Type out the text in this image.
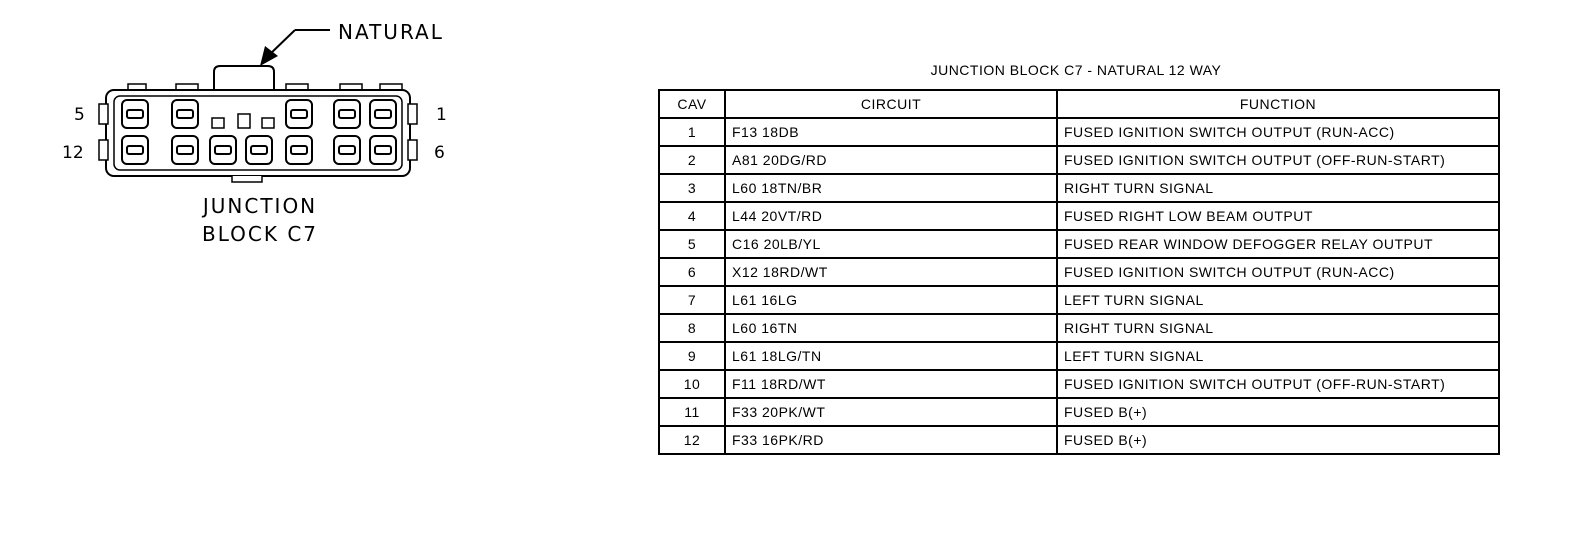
NATURAL
5
12
1
6
JUNCTION
BLOCK C7
JUNCTION BLOCK C7 - NATURAL 12 WAY
CAV	CIRCUIT	FUNCTION
1	F13 18DB	FUSED IGNITION SWITCH OUTPUT (RUN-ACC)
2	A81 20DG/RD	FUSED IGNITION SWITCH OUTPUT (OFF-RUN-START)
3	L60 18TN/BR	RIGHT TURN SIGNAL
4	L44 20VT/RD	FUSED RIGHT LOW BEAM OUTPUT
5	C16 20LB/YL	FUSED REAR WINDOW DEFOGGER RELAY OUTPUT
6	X12 18RD/WT	FUSED IGNITION SWITCH OUTPUT (RUN-ACC)
7	L61 16LG	LEFT TURN SIGNAL
8	L60 16TN	RIGHT TURN SIGNAL
9	L61 18LG/TN	LEFT TURN SIGNAL
10	F11 18RD/WT	FUSED IGNITION SWITCH OUTPUT (OFF-RUN-START)
11	F33 20PK/WT	FUSED B(+)
12	F33 16PK/RD	FUSED B(+)
